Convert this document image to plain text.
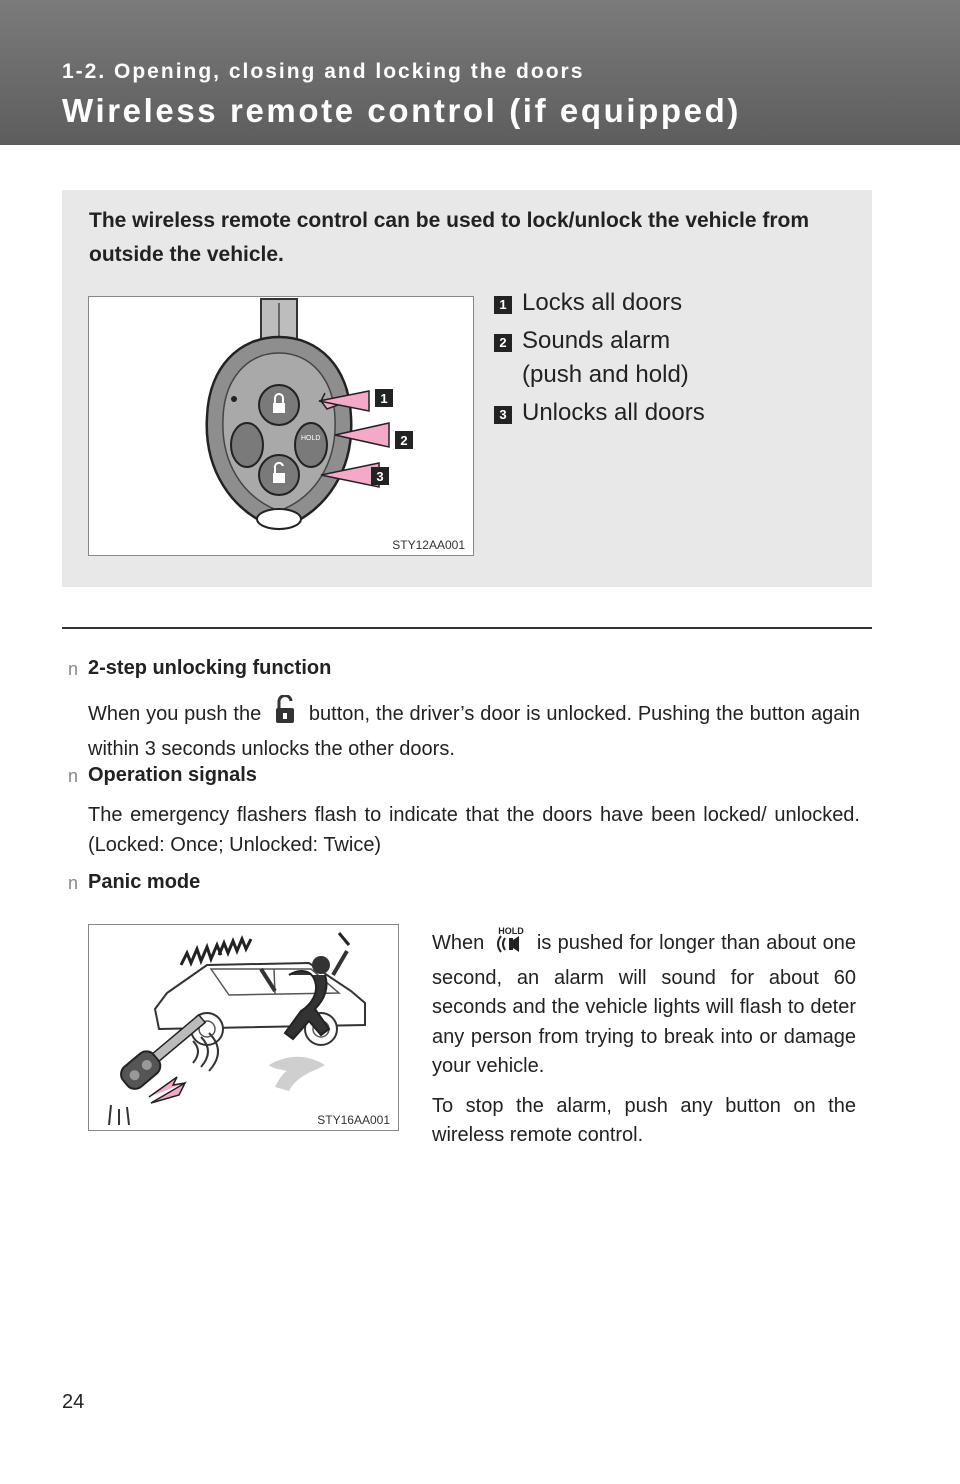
1-2. Opening, closing and locking the doors
Wireless remote control (if equipped)
The wireless remote control can be used to lock/unlock the vehicle from outside the vehicle.
HOLD
1
2
3
STY12AA001
1 Locks all doors
2 Sounds alarm
(push and hold)
3 Unlocks all doors
n 2-step unlocking function
When you push the button, the driver’s door is unlocked. Pushing the button again within 3 seconds unlocks the other doors.
n Operation signals
The emergency flashers flash to indicate that the doors have been locked/ unlocked. (Locked: Once; Unlocked: Twice)
n Panic mode
STY16AA001

When
HOLD
is pushed for longer than about one second, an alarm will sound for about 60 seconds and the vehicle lights will flash to deter any person from trying to break into or damage your vehicle.

To stop the alarm, push any button on the wireless remote control.

24
